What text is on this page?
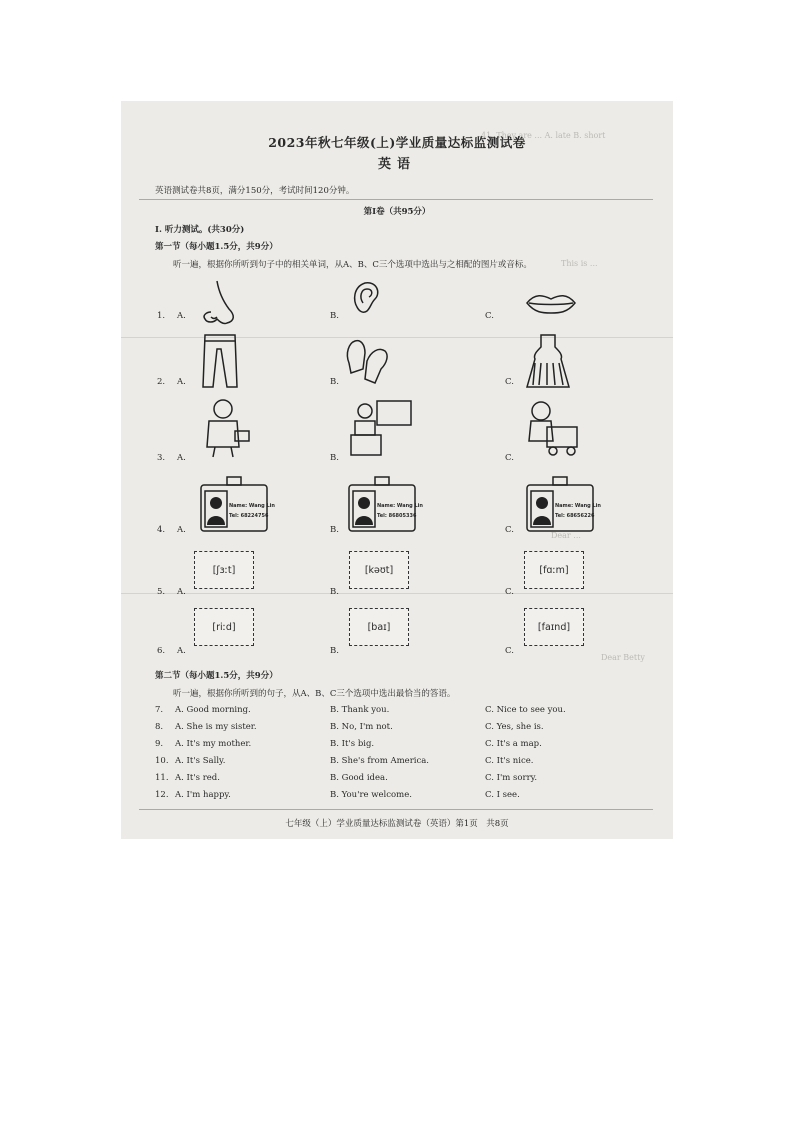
41. They are ... A. late B. short
This is ...
Dear ...
Dear Betty
2023年秋七年级(上)学业质量达标监测试卷
英语
英语测试卷共8页，满分150分，考试时间120分钟。
第Ⅰ卷（共95分）
Ⅰ. 听力测试。(共30分)
第一节（每小题1.5分，共9分）
听一遍，根据你所听到句子中的相关单词，从A、B、C三个选项中选出与之相配的图片或音标。
1. A.	B.	C.
2. A.	B.	C.
3. A.	B.	C.
4. A.	B.	C.
Name: Wang Lin
Tel: 68224756
Name: Wang Lin
Tel: 86805336
Name: Wang Lin
Tel: 68656226
5. A.	B.	C.
[ʃɜːt]	[kəʊt]	[fɑːm]
6. A.	B.	C.
[riːd]	[baɪ]	[faɪnd]
第二节（每小题1.5分，共9分）
听一遍，根据你所听到的句子，从A、B、C三个选项中选出最恰当的答语。
7. A. Good morning.	B. Thank you.	C. Nice to see you.
8. A. She is my sister.	B. No, I'm not.	C. Yes, she is.
9. A. It's my mother.	B. It's big.	C. It's a map.
10. A. It's Sally.	B. She's from America.	C. It's nice.
11. A. It's red.	B. Good idea.	C. I'm sorry.
12. A. I'm happy.	B. You're welcome.	C. I see.
七年级（上）学业质量达标监测试卷（英语）第1页　共8页
